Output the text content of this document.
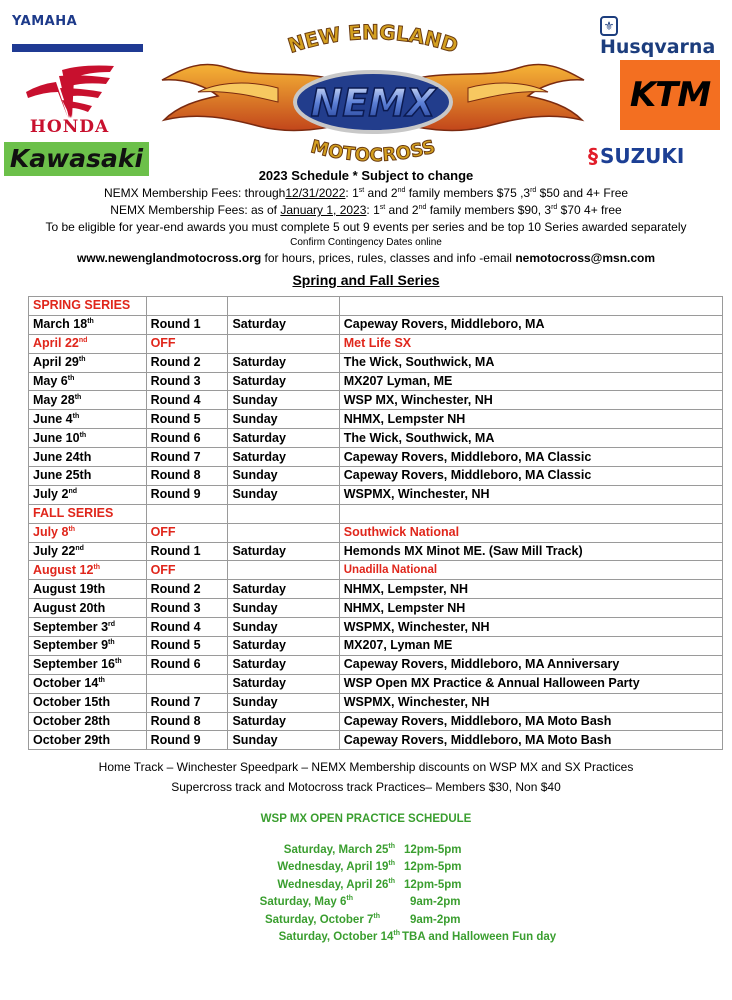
YAMAHA
HONDA
Kawasaki
⚜Husqvarna
KTM
§ SUZUKI
NEW ENGLAND
NEMX
MOTOCROSS
2023 Schedule * Subject to change
NEMX Membership Fees: through12/31/2022: 1st and 2nd family members $75 ,3rd $50 and 4+ Free
NEMX Membership Fees: as of January 1, 2023: 1st and 2nd family members $90, 3rd $70 4+ free
To be eligible for year-end awards you must complete 5 out 9 events per series and be top 10 Series awarded separately
Confirm Contingency Dates online
www.newenglandmotocross.org for hours, prices, rules, classes and info -email nemotocross@msn.com
Spring and Fall Series
SPRING SERIES			
March 18th	Round 1	Saturday	Capeway Rovers, Middleboro, MA
April 22nd	OFF		Met Life SX
April 29th	Round 2	Saturday	The Wick, Southwick, MA
May 6th	Round 3	Saturday	MX207 Lyman, ME
May 28th	Round 4	Sunday	WSP MX, Winchester, NH
June 4th	Round 5	Sunday	NHMX, Lempster NH
June 10th	Round 6	Saturday	The Wick, Southwick, MA
June 24th	Round 7	Saturday	Capeway Rovers, Middleboro, MA Classic
June 25th	Round 8	Sunday	Capeway Rovers, Middleboro, MA Classic
July 2nd	Round 9	Sunday	WSPMX, Winchester, NH
FALL SERIES			
July 8th	OFF		Southwick National
July 22nd	Round 1	Saturday	Hemonds MX Minot ME. (Saw Mill Track)
August 12th	OFF		Unadilla National
August 19th	Round 2	Saturday	NHMX, Lempster, NH
August 20th	Round 3	Sunday	NHMX, Lempster NH
September 3rd	Round 4	Sunday	WSPMX, Winchester, NH
September 9th	Round 5	Saturday	MX207, Lyman ME
September 16th	Round 6	Saturday	Capeway Rovers, Middleboro, MA Anniversary
October 14th		Saturday	WSP Open MX Practice & Annual Halloween Party
October 15th	Round 7	Sunday	WSPMX, Winchester, NH
October 28th	Round 8	Saturday	Capeway Rovers, Middleboro, MA Moto Bash
October 29th	Round 9	Sunday	Capeway Rovers, Middleboro, MA Moto Bash
Home Track – Winchester Speedpark – NEMX Membership discounts on WSP MX and SX Practices
Supercross track and Motocross track Practices– Members $30, Non $40
WSP MX OPEN PRACTICE SCHEDULE
Saturday, March 25th 12pm-5pm
Wednesday, April 19th 12pm-5pm
Wednesday, April 26th 12pm-5pm
Saturday, May 6th	9am-2pm
Saturday, October 7th	9am-2pm
Saturday, October 14th TBA and Halloween Fun day
